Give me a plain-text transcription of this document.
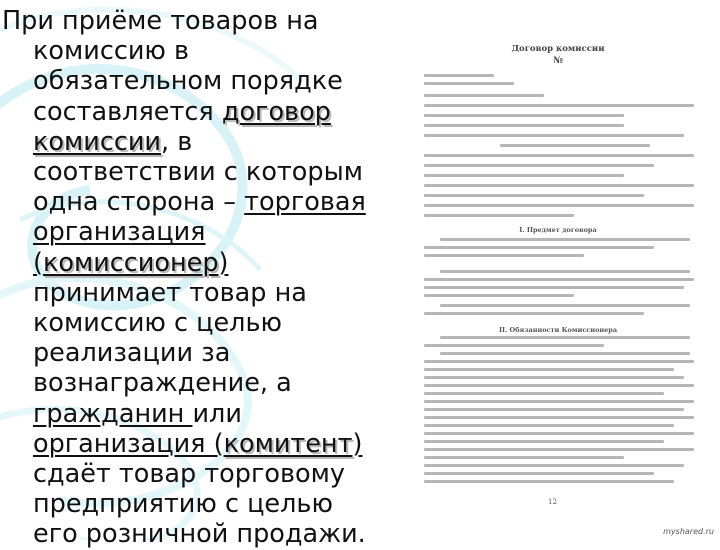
При приёме товаров на
комиссию в
обязательном порядке
составляется договор
комиссии, в
соответствии с которым
одна сторона – торговая
организация
(комиссионер)
принимает товар на
комиссию с целью
реализации за
вознаграждение, а
гражданин или
организация (комитент)
сдаёт товар торговому
предприятию с целью
его розничной продажи.
Договор комиссии
№
I. Предмет договора
II. Обязанности Комиссионера
12
myshared.ru
